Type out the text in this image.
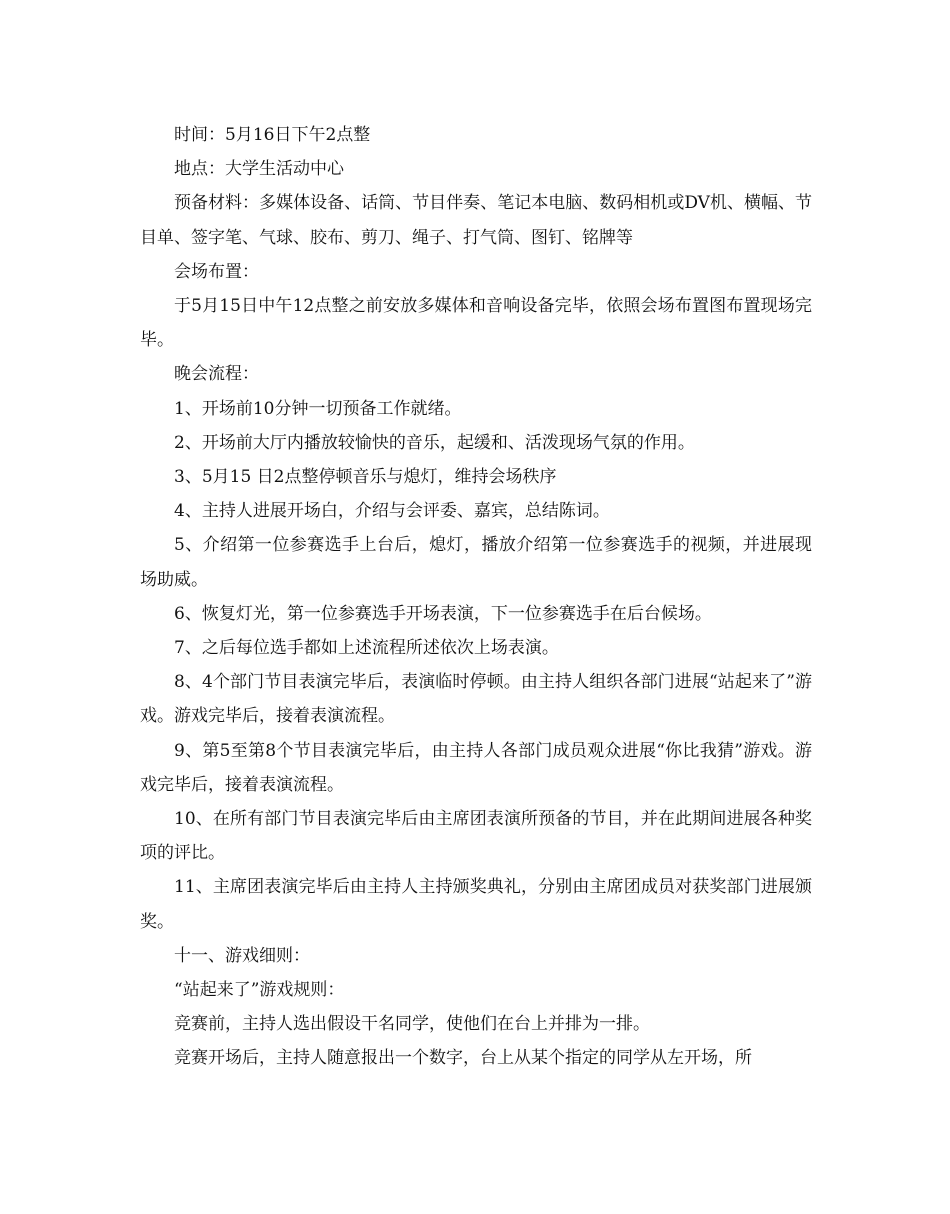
时间：5月16日下午2点整

地点：大学生活动中心

预备材料：多媒体设备、话筒、节目伴奏、笔记本电脑、数码相机或DV机、横幅、节目单、签字笔、气球、胶布、剪刀、绳子、打气筒、图钉、铭牌等

会场布置：

于5月15日中午12点整之前安放多媒体和音响设备完毕，依照会场布置图布置现场完毕。

晚会流程：

1、开场前10分钟一切预备工作就绪。

2、开场前大厅内播放较愉快的音乐，起缓和、活泼现场气氛的作用。

3、5月15 日2点整停顿音乐与熄灯，维持会场秩序

4、主持人进展开场白，介绍与会评委、嘉宾，总结陈词。

5、介绍第一位参赛选手上台后，熄灯，播放介绍第一位参赛选手的视频，并进展现场助威。

6、恢复灯光，第一位参赛选手开场表演，下一位参赛选手在后台候场。

7、之后每位选手都如上述流程所述依次上场表演。

8、4个部门节目表演完毕后，表演临时停顿。由主持人组织各部门进展“站起来了”游戏。游戏完毕后，接着表演流程。

9、第5至第8个节目表演完毕后，由主持人各部门成员观众进展“你比我猜”游戏。游戏完毕后，接着表演流程。

10、在所有部门节目表演完毕后由主席团表演所预备的节目，并在此期间进展各种奖项的评比。

11、主席团表演完毕后由主持人主持颁奖典礼，分别由主席团成员对获奖部门进展颁奖。

十一、游戏细则：

“站起来了”游戏规则：

竞赛前，主持人选出假设干名同学，使他们在台上并排为一排。

竞赛开场后，主持人随意报出一个数字，台上从某个指定的同学从左开场，所
